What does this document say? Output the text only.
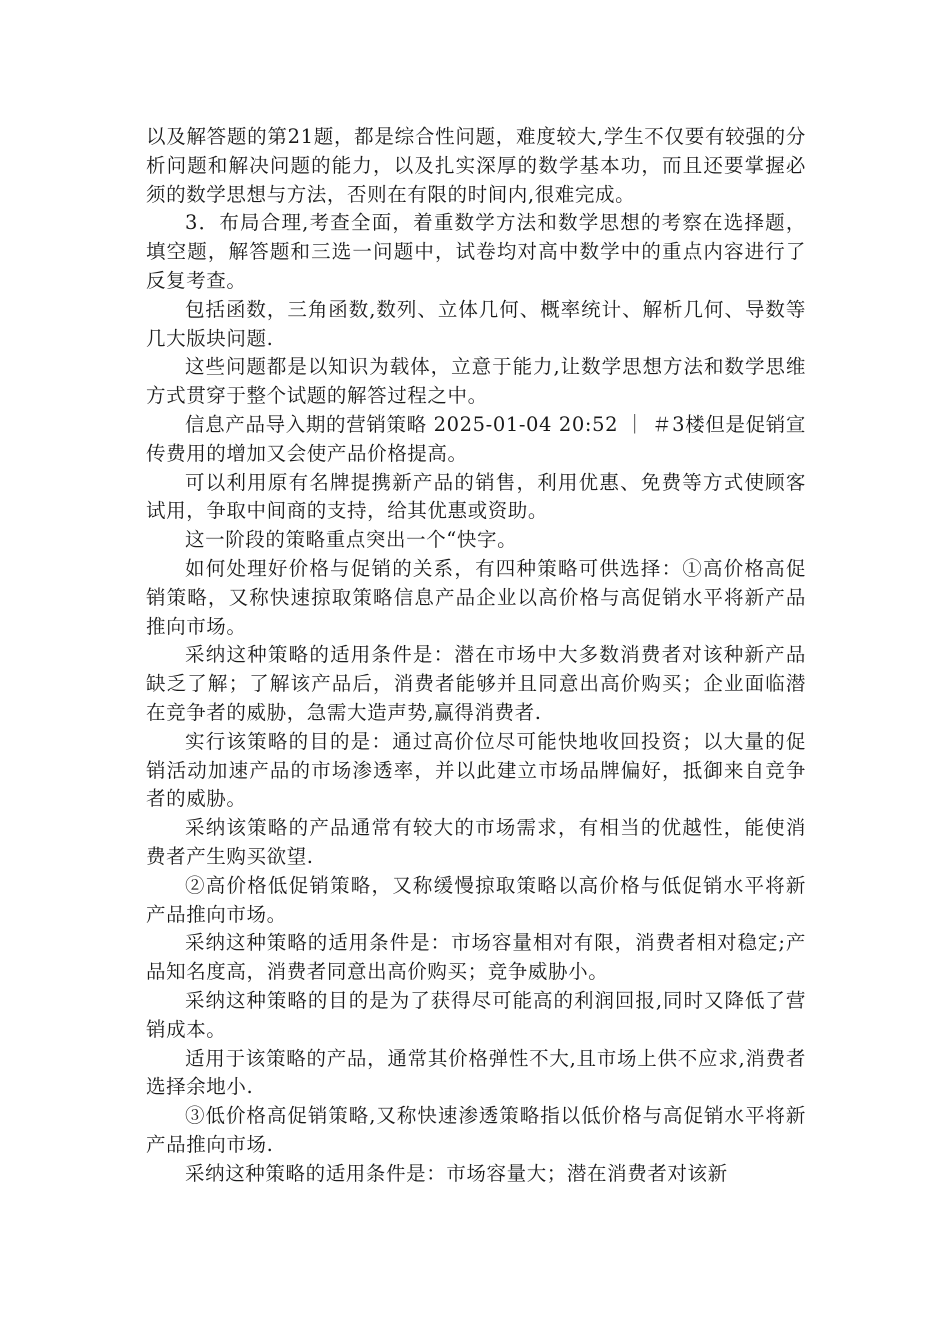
以及解答题的第21题，都是综合性问题，难度较大,学生不仅要有较强的分析问题和解决问题的能力，以及扎实深厚的数学基本功，而且还要掌握必须的数学思想与方法，否则在有限的时间内,很难完成。

3．布局合理,考查全面，着重数学方法和数学思想的考察在选择题，填空题，解答题和三选一问题中，试卷均对高中数学中的重点内容进行了反复考查。

包括函数，三角函数,数列、立体几何、概率统计、解析几何、导数等几大版块问题.

这些问题都是以知识为载体，立意于能力,让数学思想方法和数学思维方式贯穿于整个试题的解答过程之中。

信息产品导入期的营销策略 2025-01-04 20:52 ｜ ＃3楼但是促销宣传费用的增加又会使产品价格提高。

可以利用原有名牌提携新产品的销售，利用优惠、免费等方式使顾客试用，争取中间商的支持，给其优惠或资助。

这一阶段的策略重点突出一个“快字。

如何处理好价格与促销的关系，有四种策略可供选择：①高价格高促销策略，又称快速掠取策略信息产品企业以高价格与高促销水平将新产品推向市场。

采纳这种策略的适用条件是：潜在市场中大多数消费者对该种新产品缺乏了解；了解该产品后，消费者能够并且同意出高价购买；企业面临潜在竞争者的威胁，急需大造声势,赢得消费者.

实行该策略的目的是：通过高价位尽可能快地收回投资；以大量的促销活动加速产品的市场渗透率，并以此建立市场品牌偏好，抵御来自竞争者的威胁。

采纳该策略的产品通常有较大的市场需求，有相当的优越性，能使消费者产生购买欲望.

②高价格低促销策略，又称缓慢掠取策略以高价格与低促销水平将新产品推向市场。

采纳这种策略的适用条件是：市场容量相对有限，消费者相对稳定;产品知名度高，消费者同意出高价购买；竞争威胁小。

采纳这种策略的目的是为了获得尽可能高的利润回报,同时又降低了营销成本。

适用于该策略的产品，通常其价格弹性不大,且市场上供不应求,消费者选择余地小.

③低价格高促销策略,又称快速渗透策略指以低价格与高促销水平将新产品推向市场.

采纳这种策略的适用条件是：市场容量大；潜在消费者对该新
